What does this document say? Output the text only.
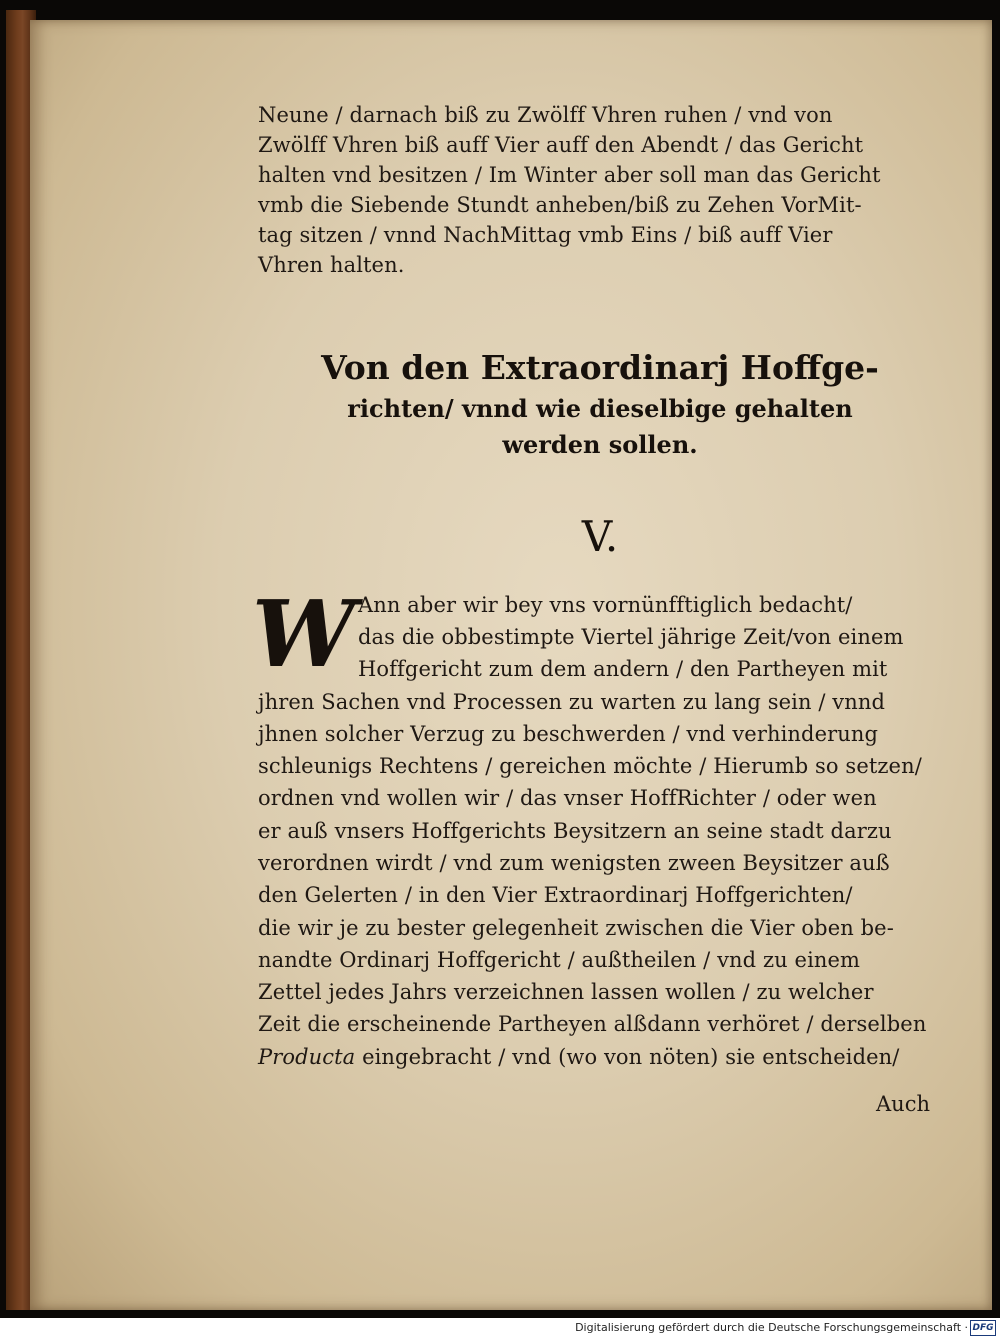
Neune / darnach biß zu Zwölff Vhren ruhen / vnd von
Zwölff Vhren biß auff Vier auff den Abendt / das Gericht
halten vnd besitzen / Im Winter aber soll man das Gericht
vmb die Siebende Stundt anheben/biß zu Zehen VorMit-
tag sitzen / vnnd NachMittag vmb Eins / biß auff Vier
Vhren halten.
Von den Extraordinarj Hoffge-
richten/ vnnd wie dieselbige gehalten
werden sollen.
V.
W Ann aber wir bey vns vornünfftiglich bedacht/
das die obbestimpte Viertel jährige Zeit/von einem
Hoffgericht zum dem andern / den Partheyen mit
jhren Sachen vnd Processen zu warten zu lang sein / vnnd
jhnen solcher Verzug zu beschwerden / vnd verhinderung
schleunigs Rechtens / gereichen möchte / Hierumb so setzen/
ordnen vnd wollen wir / das vnser HoffRichter / oder wen
er auß vnsers Hoffgerichts Beysitzern an seine stadt darzu
verordnen wirdt / vnd zum wenigsten zween Beysitzer auß
den Gelerten / in den Vier Extraordinarj Hoffgerichten/
die wir je zu bester gelegenheit zwischen die Vier oben be-
nandte Ordinarj Hoffgericht / außtheilen / vnd zu einem
Zettel jedes Jahrs verzeichnen lassen wollen / zu welcher
Zeit die erscheinende Partheyen alßdann verhöret / derselben
Producta eingebracht / vnd (wo von nöten) sie entscheiden/
Auch
Digitalisierung gefördert durch die Deutsche Forschungsgemeinschaft · DFG
